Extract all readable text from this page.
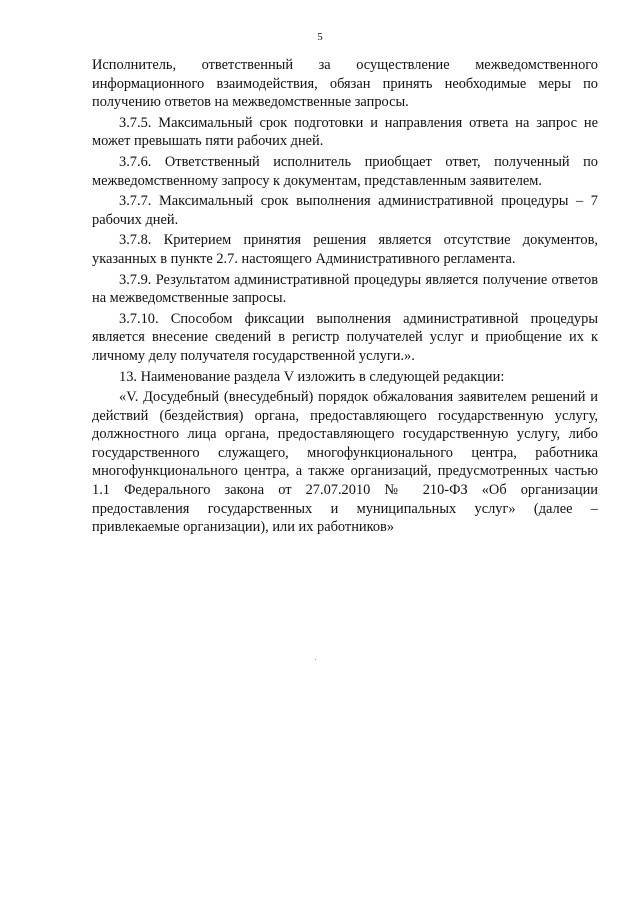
5

Исполнитель, ответственный за осуществление межведомственного информационного взаимодействия, обязан принять необходимые меры по получению ответов на межведомственные запросы.

3.7.5. Максимальный срок подготовки и направления ответа на запрос не может превышать пяти рабочих дней.

3.7.6. Ответственный исполнитель приобщает ответ, полученный по межведомственному запросу к документам, представленным заявителем.

3.7.7. Максимальный срок выполнения административной процедуры – 7 рабочих дней.

3.7.8. Критерием принятия решения является отсутствие документов, указанных в пункте 2.7. настоящего Административного регламента.

3.7.9. Результатом административной процедуры является получение ответов на межведомственные запросы.

3.7.10. Способом фиксации выполнения административной процедуры является внесение сведений в регистр получателей услуг и приобщение их к личному делу получателя государственной услуги.».

13. Наименование раздела V изложить в следующей редакции:

«V. Досудебный (внесудебный) порядок обжалования заявителем решений и действий (бездействия) органа, предоставляющего государственную услугу, должностного лица органа, предоставляющего государственную услугу, либо государственного служащего, многофункционального центра, работника многофункционального центра, а также организаций, предусмотренных частью 1.1 Федерального закона от 27.07.2010 № 210-ФЗ «Об организации предоставления государственных и муниципальных услуг» (далее – привлекаемые организации), или их работников»
